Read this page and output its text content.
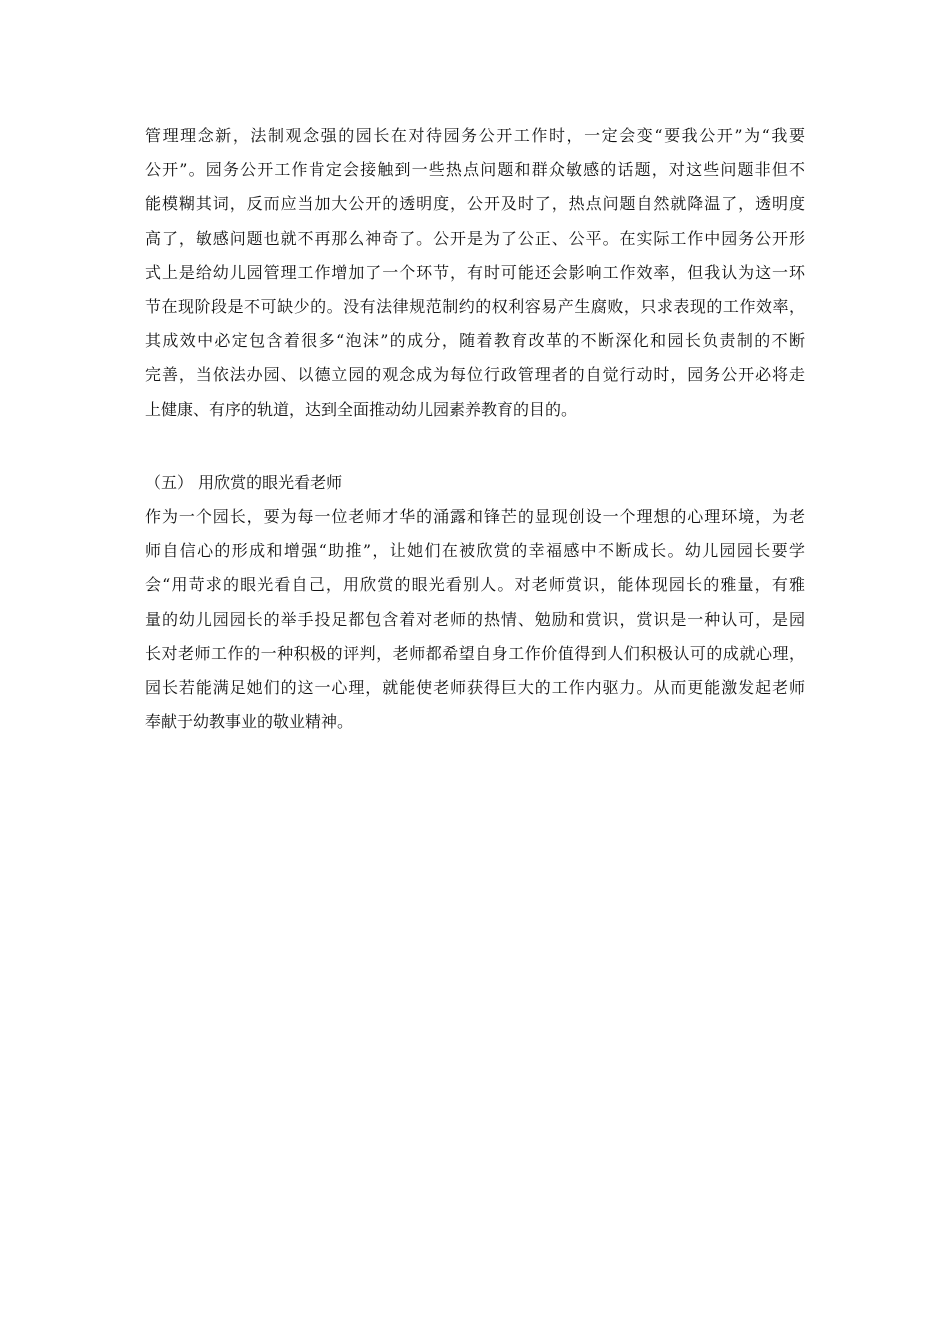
管理理念新，法制观念强的园长在对待园务公开工作时，一定会变“要我公开”为“我要
公开”。园务公开工作肯定会接触到一些热点问题和群众敏感的话题，对这些问题非但不
能模糊其词，反而应当加大公开的透明度，公开及时了，热点问题自然就降温了，透明度
高了，敏感问题也就不再那么神奇了。公开是为了公正、公平。在实际工作中园务公开形
式上是给幼儿园管理工作增加了一个环节，有时可能还会影响工作效率，但我认为这一环
节在现阶段是不可缺少的。没有法律规范制约的权利容易产生腐败，只求表现的工作效率，
其成效中必定包含着很多“泡沫”的成分，随着教育改革的不断深化和园长负责制的不断
完善，当依法办园、以德立园的观念成为每位行政管理者的自觉行动时，园务公开必将走
上健康、有序的轨道，达到全面推动幼儿园素养教育的目的。
（五） 用欣赏的眼光看老师
作为一个园长，要为每一位老师才华的涌露和锋芒的显现创设一个理想的心理环境，为老
师自信心的形成和增强“助推”，让她们在被欣赏的幸福感中不断成长。幼儿园园长要学
会“用苛求的眼光看自己，用欣赏的眼光看别人。对老师赏识，能体现园长的雅量，有雅
量的幼儿园园长的举手投足都包含着对老师的热情、勉励和赏识，赏识是一种认可，是园
长对老师工作的一种积极的评判，老师都希望自身工作价值得到人们积极认可的成就心理，
园长若能满足她们的这一心理，就能使老师获得巨大的工作内驱力。从而更能激发起老师
奉献于幼教事业的敬业精神。
